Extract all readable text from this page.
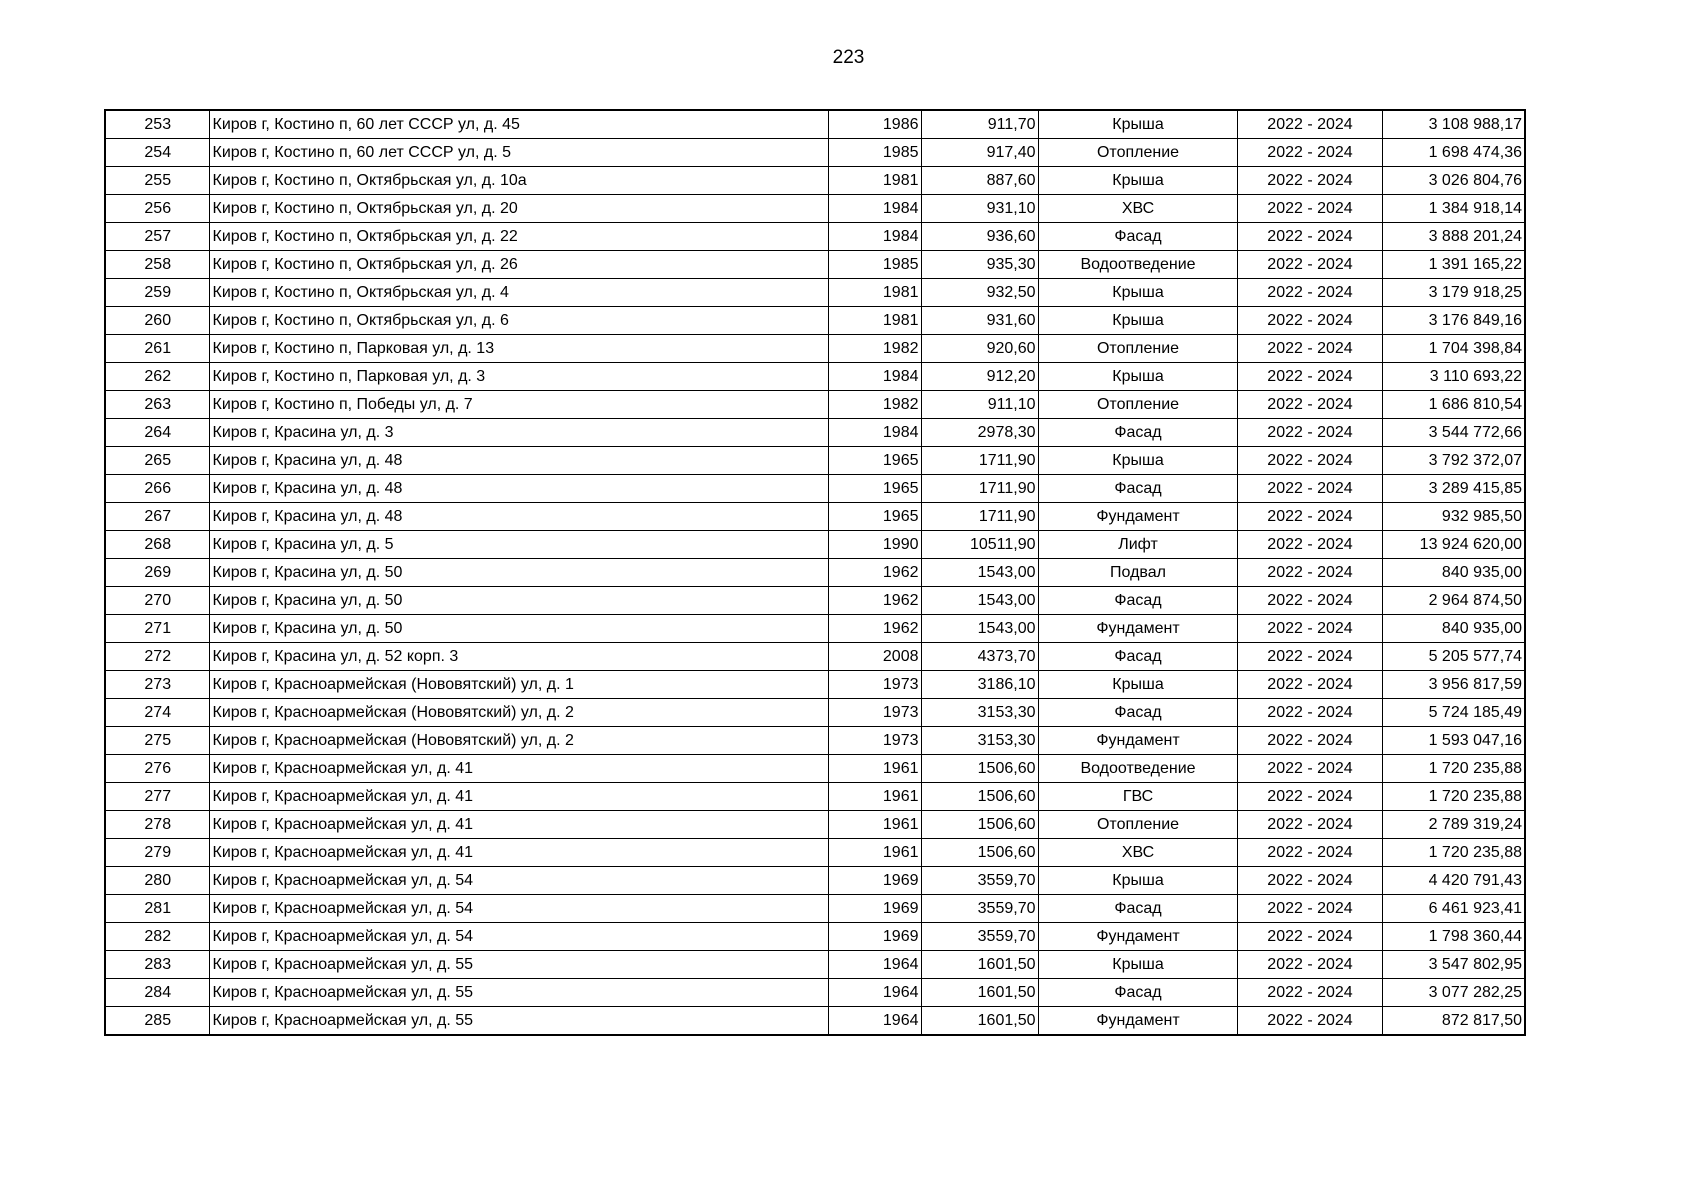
223
253	Киров г, Костино п, 60 лет СССР ул, д. 45	1986	911,70	Крыша	2022 - 2024	3 108 988,17
254	Киров г, Костино п, 60 лет СССР ул, д. 5	1985	917,40	Отопление	2022 - 2024	1 698 474,36
255	Киров г, Костино п, Октябрьская ул, д. 10а	1981	887,60	Крыша	2022 - 2024	3 026 804,76
256	Киров г, Костино п, Октябрьская ул, д. 20	1984	931,10	ХВС	2022 - 2024	1 384 918,14
257	Киров г, Костино п, Октябрьская ул, д. 22	1984	936,60	Фасад	2022 - 2024	3 888 201,24
258	Киров г, Костино п, Октябрьская ул, д. 26	1985	935,30	Водоотведение	2022 - 2024	1 391 165,22
259	Киров г, Костино п, Октябрьская ул, д. 4	1981	932,50	Крыша	2022 - 2024	3 179 918,25
260	Киров г, Костино п, Октябрьская ул, д. 6	1981	931,60	Крыша	2022 - 2024	3 176 849,16
261	Киров г, Костино п, Парковая ул, д. 13	1982	920,60	Отопление	2022 - 2024	1 704 398,84
262	Киров г, Костино п, Парковая ул, д. 3	1984	912,20	Крыша	2022 - 2024	3 110 693,22
263	Киров г, Костино п, Победы ул, д. 7	1982	911,10	Отопление	2022 - 2024	1 686 810,54
264	Киров г, Красина ул, д. 3	1984	2978,30	Фасад	2022 - 2024	3 544 772,66
265	Киров г, Красина ул, д. 48	1965	1711,90	Крыша	2022 - 2024	3 792 372,07
266	Киров г, Красина ул, д. 48	1965	1711,90	Фасад	2022 - 2024	3 289 415,85
267	Киров г, Красина ул, д. 48	1965	1711,90	Фундамент	2022 - 2024	932 985,50
268	Киров г, Красина ул, д. 5	1990	10511,90	Лифт	2022 - 2024	13 924 620,00
269	Киров г, Красина ул, д. 50	1962	1543,00	Подвал	2022 - 2024	840 935,00
270	Киров г, Красина ул, д. 50	1962	1543,00	Фасад	2022 - 2024	2 964 874,50
271	Киров г, Красина ул, д. 50	1962	1543,00	Фундамент	2022 - 2024	840 935,00
272	Киров г, Красина ул, д. 52 корп. 3	2008	4373,70	Фасад	2022 - 2024	5 205 577,74
273	Киров г, Красноармейская (Нововятский) ул, д. 1	1973	3186,10	Крыша	2022 - 2024	3 956 817,59
274	Киров г, Красноармейская (Нововятский) ул, д. 2	1973	3153,30	Фасад	2022 - 2024	5 724 185,49
275	Киров г, Красноармейская (Нововятский) ул, д. 2	1973	3153,30	Фундамент	2022 - 2024	1 593 047,16
276	Киров г, Красноармейская ул, д. 41	1961	1506,60	Водоотведение	2022 - 2024	1 720 235,88
277	Киров г, Красноармейская ул, д. 41	1961	1506,60	ГВС	2022 - 2024	1 720 235,88
278	Киров г, Красноармейская ул, д. 41	1961	1506,60	Отопление	2022 - 2024	2 789 319,24
279	Киров г, Красноармейская ул, д. 41	1961	1506,60	ХВС	2022 - 2024	1 720 235,88
280	Киров г, Красноармейская ул, д. 54	1969	3559,70	Крыша	2022 - 2024	4 420 791,43
281	Киров г, Красноармейская ул, д. 54	1969	3559,70	Фасад	2022 - 2024	6 461 923,41
282	Киров г, Красноармейская ул, д. 54	1969	3559,70	Фундамент	2022 - 2024	1 798 360,44
283	Киров г, Красноармейская ул, д. 55	1964	1601,50	Крыша	2022 - 2024	3 547 802,95
284	Киров г, Красноармейская ул, д. 55	1964	1601,50	Фасад	2022 - 2024	3 077 282,25
285	Киров г, Красноармейская ул, д. 55	1964	1601,50	Фундамент	2022 - 2024	872 817,50
